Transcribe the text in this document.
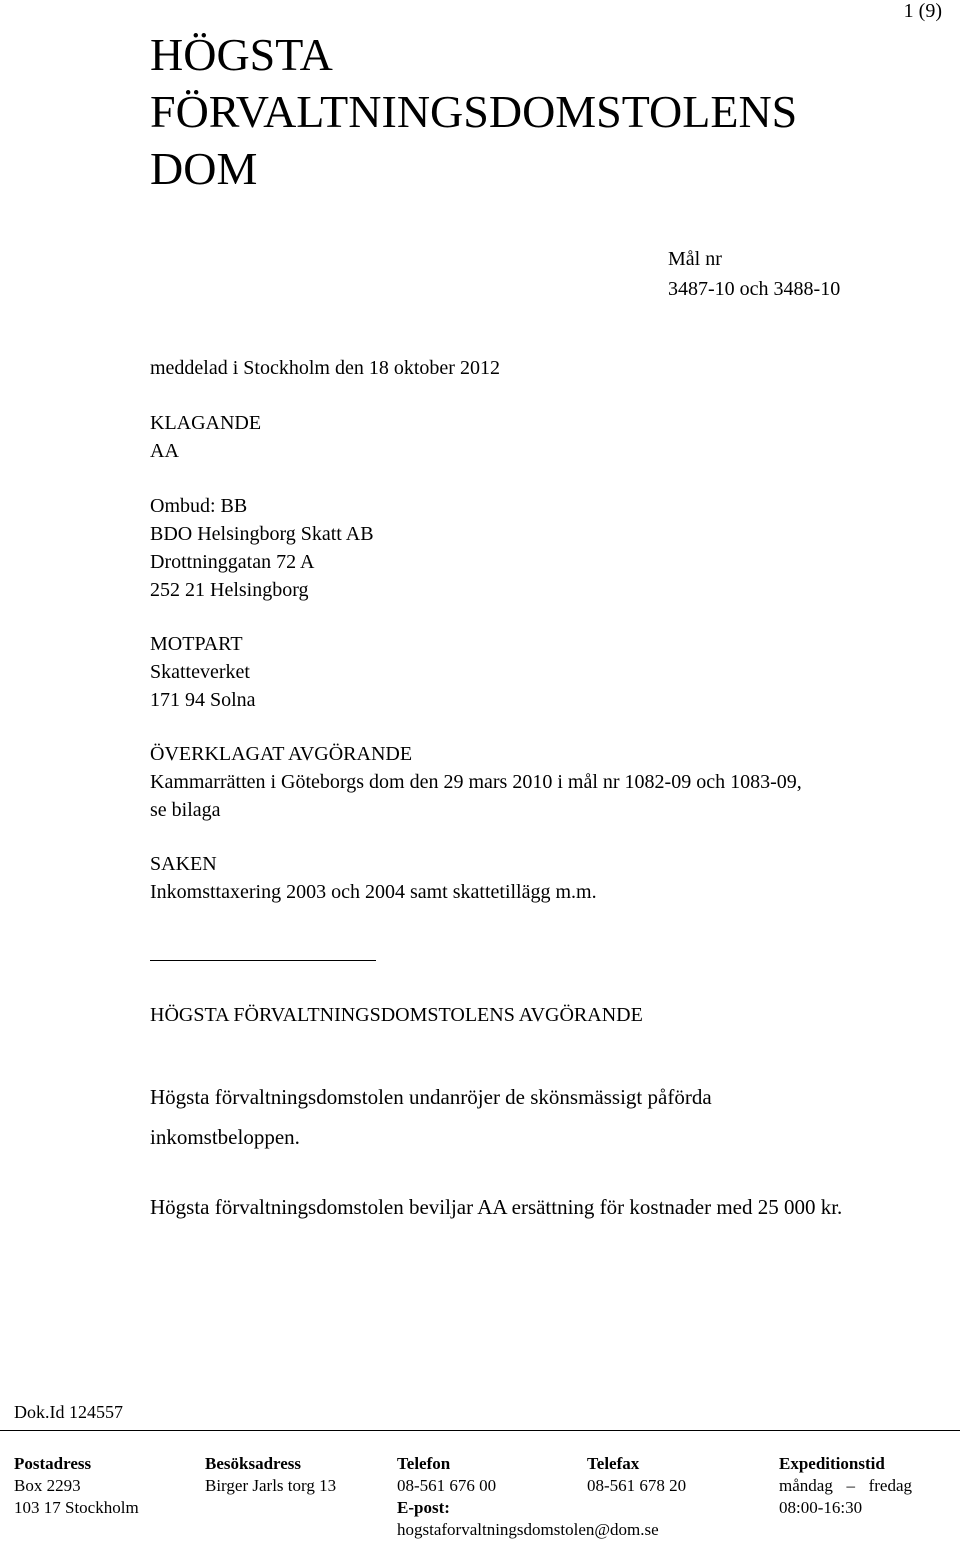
1 (9)
HÖGSTA
FÖRVALTNINGSDOMSTOLENS
DOM
Mål nr
3487-10 och 3488-10
meddelad i Stockholm den 18 oktober 2012
KLAGANDE
AA
Ombud: BB
BDO Helsingborg Skatt AB
Drottninggatan 72 A
252 21 Helsingborg
MOTPART
Skatteverket
171 94 Solna
ÖVERKLAGAT AVGÖRANDE
Kammarrätten i Göteborgs dom den 29 mars 2010 i mål nr 1082-09 och 1083-09,
se bilaga
SAKEN
Inkomsttaxering 2003 och 2004 samt skattetillägg m.m.
HÖGSTA FÖRVALTNINGSDOMSTOLENS AVGÖRANDE
Högsta förvaltningsdomstolen undanröjer de skönsmässigt påförda inkomstbeloppen.
Högsta förvaltningsdomstolen beviljar AA ersättning för kostnader med 25 000 kr.
Dok.Id 124557
Postadress
Box 2293
103 17 Stockholm
Besöksadress
Birger Jarls torg 13
Telefon
08-561 676 00
E-post:
hogstaforvaltningsdomstolen@dom.se
Telefax
08-561 678 20
Expeditionstid
måndag – fredag
08:00-16:30
